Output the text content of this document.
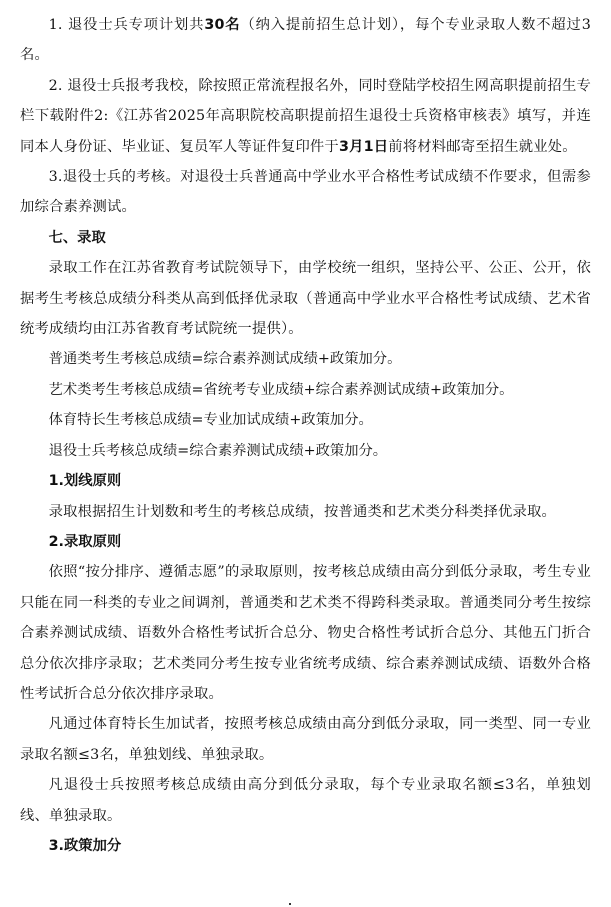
1. 退役士兵专项计划共30名（纳入提前招生总计划），每个专业录取人数不超过3名。

2. 退役士兵报考我校，除按照正常流程报名外，同时登陆学校招生网高职提前招生专栏下载附件2:《江苏省2025年高职院校高职提前招生退役士兵资格审核表》填写，并连同本人身份证、毕业证、复员军人等证件复印件于3月1日前将材料邮寄至招生就业处。

3.退役士兵的考核。对退役士兵普通高中学业水平合格性考试成绩不作要求，但需参加综合素养测试。

七、录取

录取工作在江苏省教育考试院领导下，由学校统一组织，坚持公平、公正、公开，依据考生考核总成绩分科类从高到低择优录取（普通高中学业水平合格性考试成绩、艺术省统考成绩均由江苏省教育考试院统一提供）。

普通类考生考核总成绩=综合素养测试成绩+政策加分。

艺术类考生考核总成绩=省统考专业成绩+综合素养测试成绩+政策加分。

体育特长生考核总成绩=专业加试成绩+政策加分。

退役士兵考核总成绩=综合素养测试成绩+政策加分。

1.划线原则

录取根据招生计划数和考生的考核总成绩，按普通类和艺术类分科类择优录取。

2.录取原则

依照“按分排序、遵循志愿”的录取原则，按考核总成绩由高分到低分录取，考生专业只能在同一科类的专业之间调剂，普通类和艺术类不得跨科类录取。普通类同分考生按综合素养测试成绩、语数外合格性考试折合总分、物史合格性考试折合总分、其他五门折合总分依次排序录取；艺术类同分考生按专业省统考成绩、综合素养测试成绩、语数外合格性考试折合总分依次排序录取。

凡通过体育特长生加试者，按照考核总成绩由高分到低分录取，同一类型、同一专业录取名额≤3名，单独划线、单独录取。

凡退役士兵按照考核总成绩由高分到低分录取，每个专业录取名额≤3名，单独划线、单独录取。

3.政策加分
